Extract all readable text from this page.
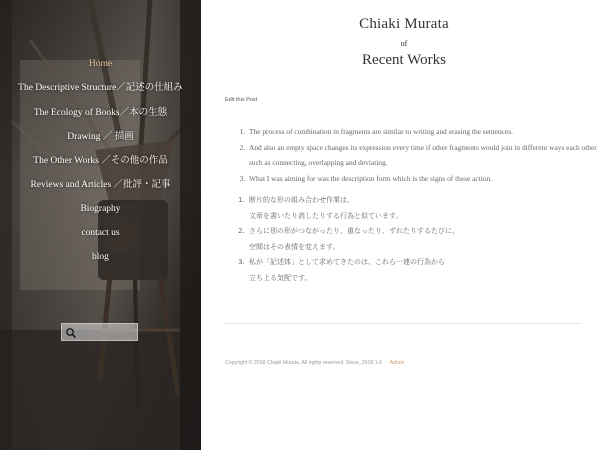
Home
The Descriptive Structure／記述の仕組み
The Ecology of Books／本の生態
Drawing ／ 描画
The Other Works ／その他の作品
Reviews and Articles ／批評・記事
Biography
contact us
blog
Chiaki Murata
of
Recent Works
Edit this Post
1. The process of combination in fragments are similar to writing and erasing the sentences.
2. And also an empty space changes its expression every time if other fragments would join in different ways each other such as connecting, overlapping and deviating.
3. What I was aiming for was the description form which is the signs of these action.
1. 断片的な形の組み合わせ作業は、
文章を書いたり消したりする行為と似ています。
2. さらに別の形がつながったり、重なったり、ずれたりするたびに、
空間はその表情を変えます。
3. 私が「記述体」として求めてきたのは、これら一連の行為から
立ち上る気配です。
Copyright © 2018 Chiaki Murata. All rights reserved. Since_2018.1.6 · Admin
